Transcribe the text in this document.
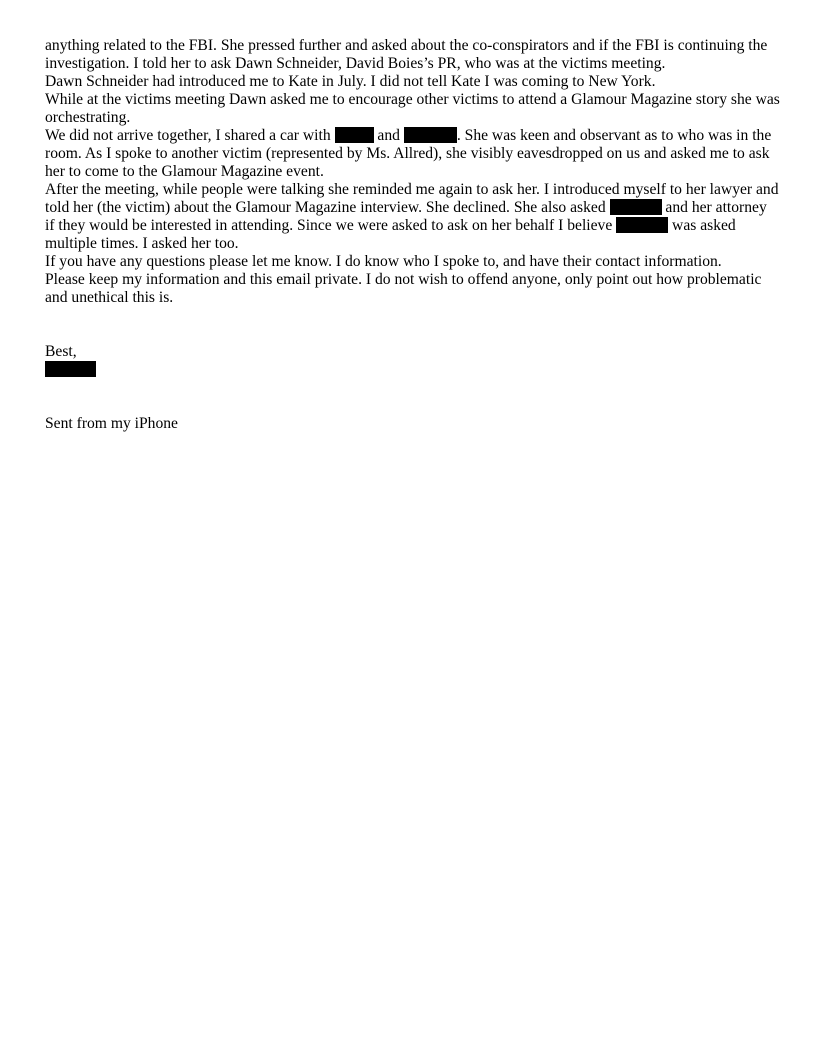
anything related to the FBI. She pressed further and asked about the co-conspirators and if the FBI is continuing the investigation. I told her to ask Dawn Schneider, David Boies’s PR, who was at the victims meeting.

Dawn Schneider had introduced me to Kate in July. I did not tell Kate I was coming to New York.

While at the victims meeting Dawn asked me to encourage other victims to attend a Glamour Magazine story she was orchestrating.

We did not arrive together, I shared a car with	and	. She was keen and observant as to who was in the room. As I spoke to another victim (represented by Ms. Allred), she visibly eavesdropped on us and asked me to ask her to come to the Glamour Magazine event.

After the meeting, while people were talking she reminded me again to ask her. I introduced myself to her lawyer and told her (the victim) about the Glamour Magazine interview. She declined. She also asked	and her attorney if they would be interested in attending. Since we were asked to ask on her behalf I believe	was asked multiple times. I asked her too.

If you have any questions please let me know. I do know who I spoke to, and have their contact information.

Please keep my information and this email private. I do not wish to offend anyone, only point out how problematic and unethical this is.

Best,

Sent from my iPhone
